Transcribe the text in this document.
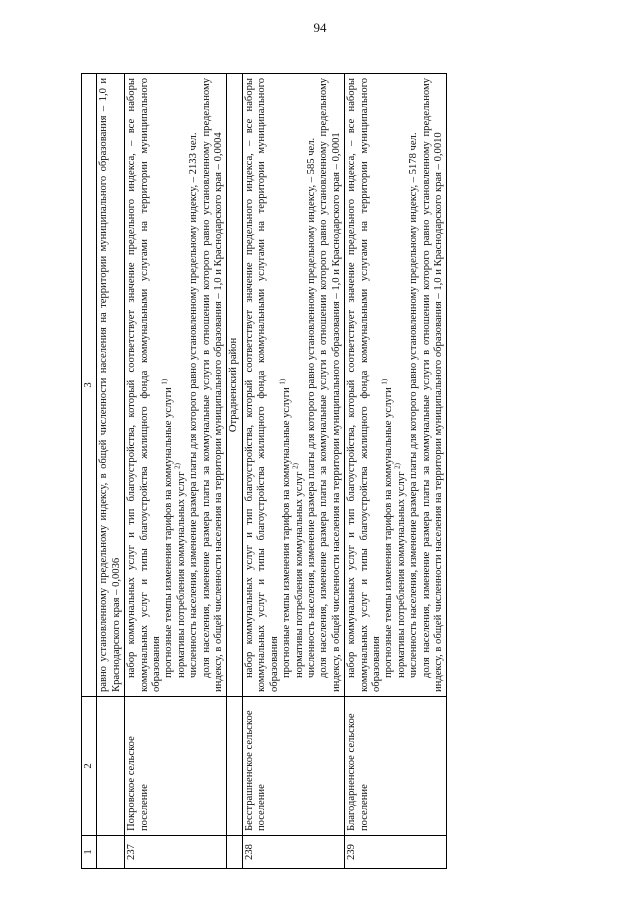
94
1	2	3
		равно установленному предельному индексу, в общей численности населения на территории муниципального образования – 1,0 и Краснодарского края – 0,0036
237	Покровское сельское поселение	набор коммунальных услуг и тип благоустройства, который соответствует значение предельного индекса, – все наборы коммунальных услуг и типы благоустройства жилищного фонда коммунальными услугами на территории муниципального образования прогнозные темпы изменения тарифов на коммунальные услуги $^{1)}$
нормативы потребления коммунальных услуг $^{2)}$ численность населения, изменение размера платы для которого равно установленному предельному индексу, – 2133 чел. доля населения, изменение размера платы за коммунальные услуги в отношении которого равно установленному предельному индексу, в общей численности населения на территории муниципального образования – 1,0 и Краснодарского края – 0,0004

		Отрадненский район
238	Бесстрашненское сельское поселение	набор коммунальных услуг и тип благоустройства, который соответствует значение предельного индекса, – все наборы коммунальных услуг и типы благоустройства жилищного фонда коммунальными услугами на территории муниципального образования прогнозные темпы изменения тарифов на коммунальные услуги $^{1)}$
нормативы потребления коммунальных услуг $^{2)}$ численность населения, изменение размера платы для которого равно установленному предельному индексу, – 585 чел. доля населения, изменение размера платы за коммунальные услуги в отношении которого равно установленному предельному индексу, в общей численности населения на территории муниципального образования – 1,0 и Краснодарского края – 0,0001

239	Благодарненское сельское поселение	набор коммунальных услуг и тип благоустройства, который соответствует значение предельного индекса, – все наборы коммунальных услуг и типы благоустройства жилищного фонда коммунальными услугами на территории муниципального образования прогнозные темпы изменения тарифов на коммунальные услуги $^{1)}$
нормативы потребления коммунальных услуг $^{2)}$ численность населения, изменение размера платы для которого равно установленному предельному индексу, – 5178 чел. доля населения, изменение размера платы за коммунальные услуги в отношении которого равно установленному предельному индексу, в общей численности населения на территории муниципального образования – 1,0 и Краснодарского края – 0,0010
